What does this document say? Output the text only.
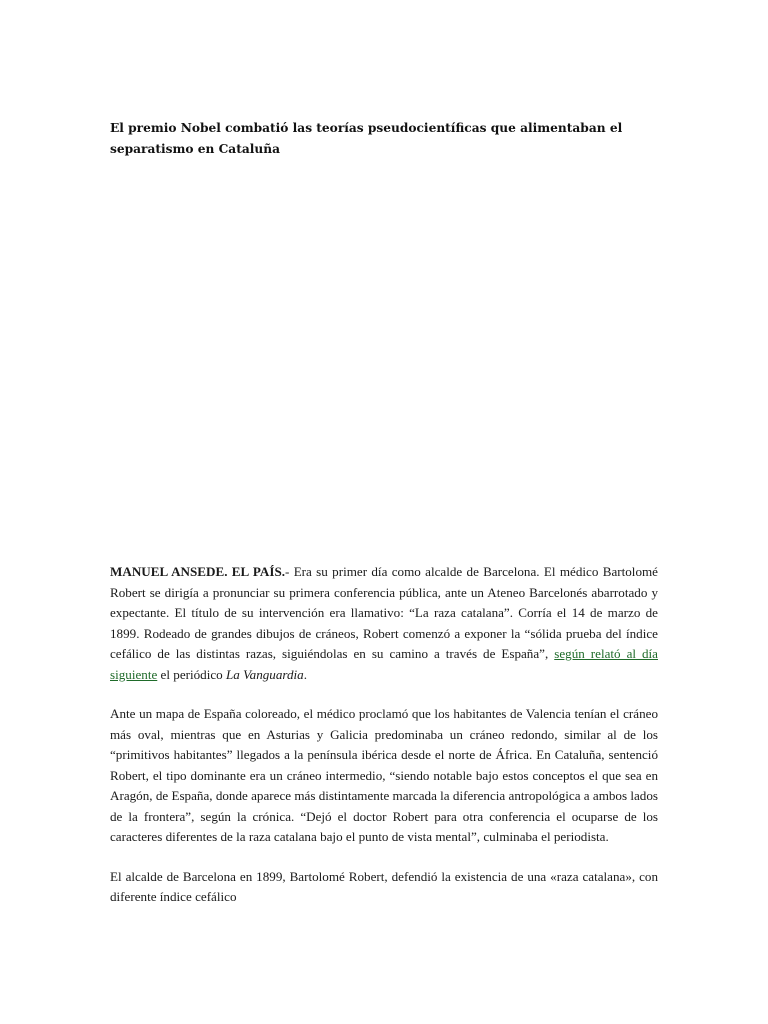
El premio Nobel combatió las teorías pseudocientíficas que alimentaban el separatismo en Cataluña

MANUEL ANSEDE. EL PAÍS.- Era su primer día como alcalde de Barcelona. El médico Bartolomé Robert se dirigía a pronunciar su primera conferencia pública, ante un Ateneo Barcelonés abarrotado y expectante. El título de su intervención era llamativo: “La raza catalana”. Corría el 14 de marzo de 1899. Rodeado de grandes dibujos de cráneos, Robert comenzó a exponer la “sólida prueba del índice cefálico de las distintas razas, siguiéndolas en su camino a través de España”, según relató al día siguiente el periódico La Vanguardia.

Ante un mapa de España coloreado, el médico proclamó que los habitantes de Valencia tenían el cráneo más oval, mientras que en Asturias y Galicia predominaba un cráneo redondo, similar al de los “primitivos habitantes” llegados a la península ibérica desde el norte de África. En Cataluña, sentenció Robert, el tipo dominante era un cráneo intermedio, “siendo notable bajo estos conceptos el que sea en Aragón, de España, donde aparece más distintamente marcada la diferencia antropológica a ambos lados de la frontera”, según la crónica. “Dejó el doctor Robert para otra conferencia el ocuparse de los caracteres diferentes de la raza catalana bajo el punto de vista mental”, culminaba el periodista.

El alcalde de Barcelona en 1899, Bartolomé Robert, defendió la existencia de una «raza catalana», con diferente índice cefálico
